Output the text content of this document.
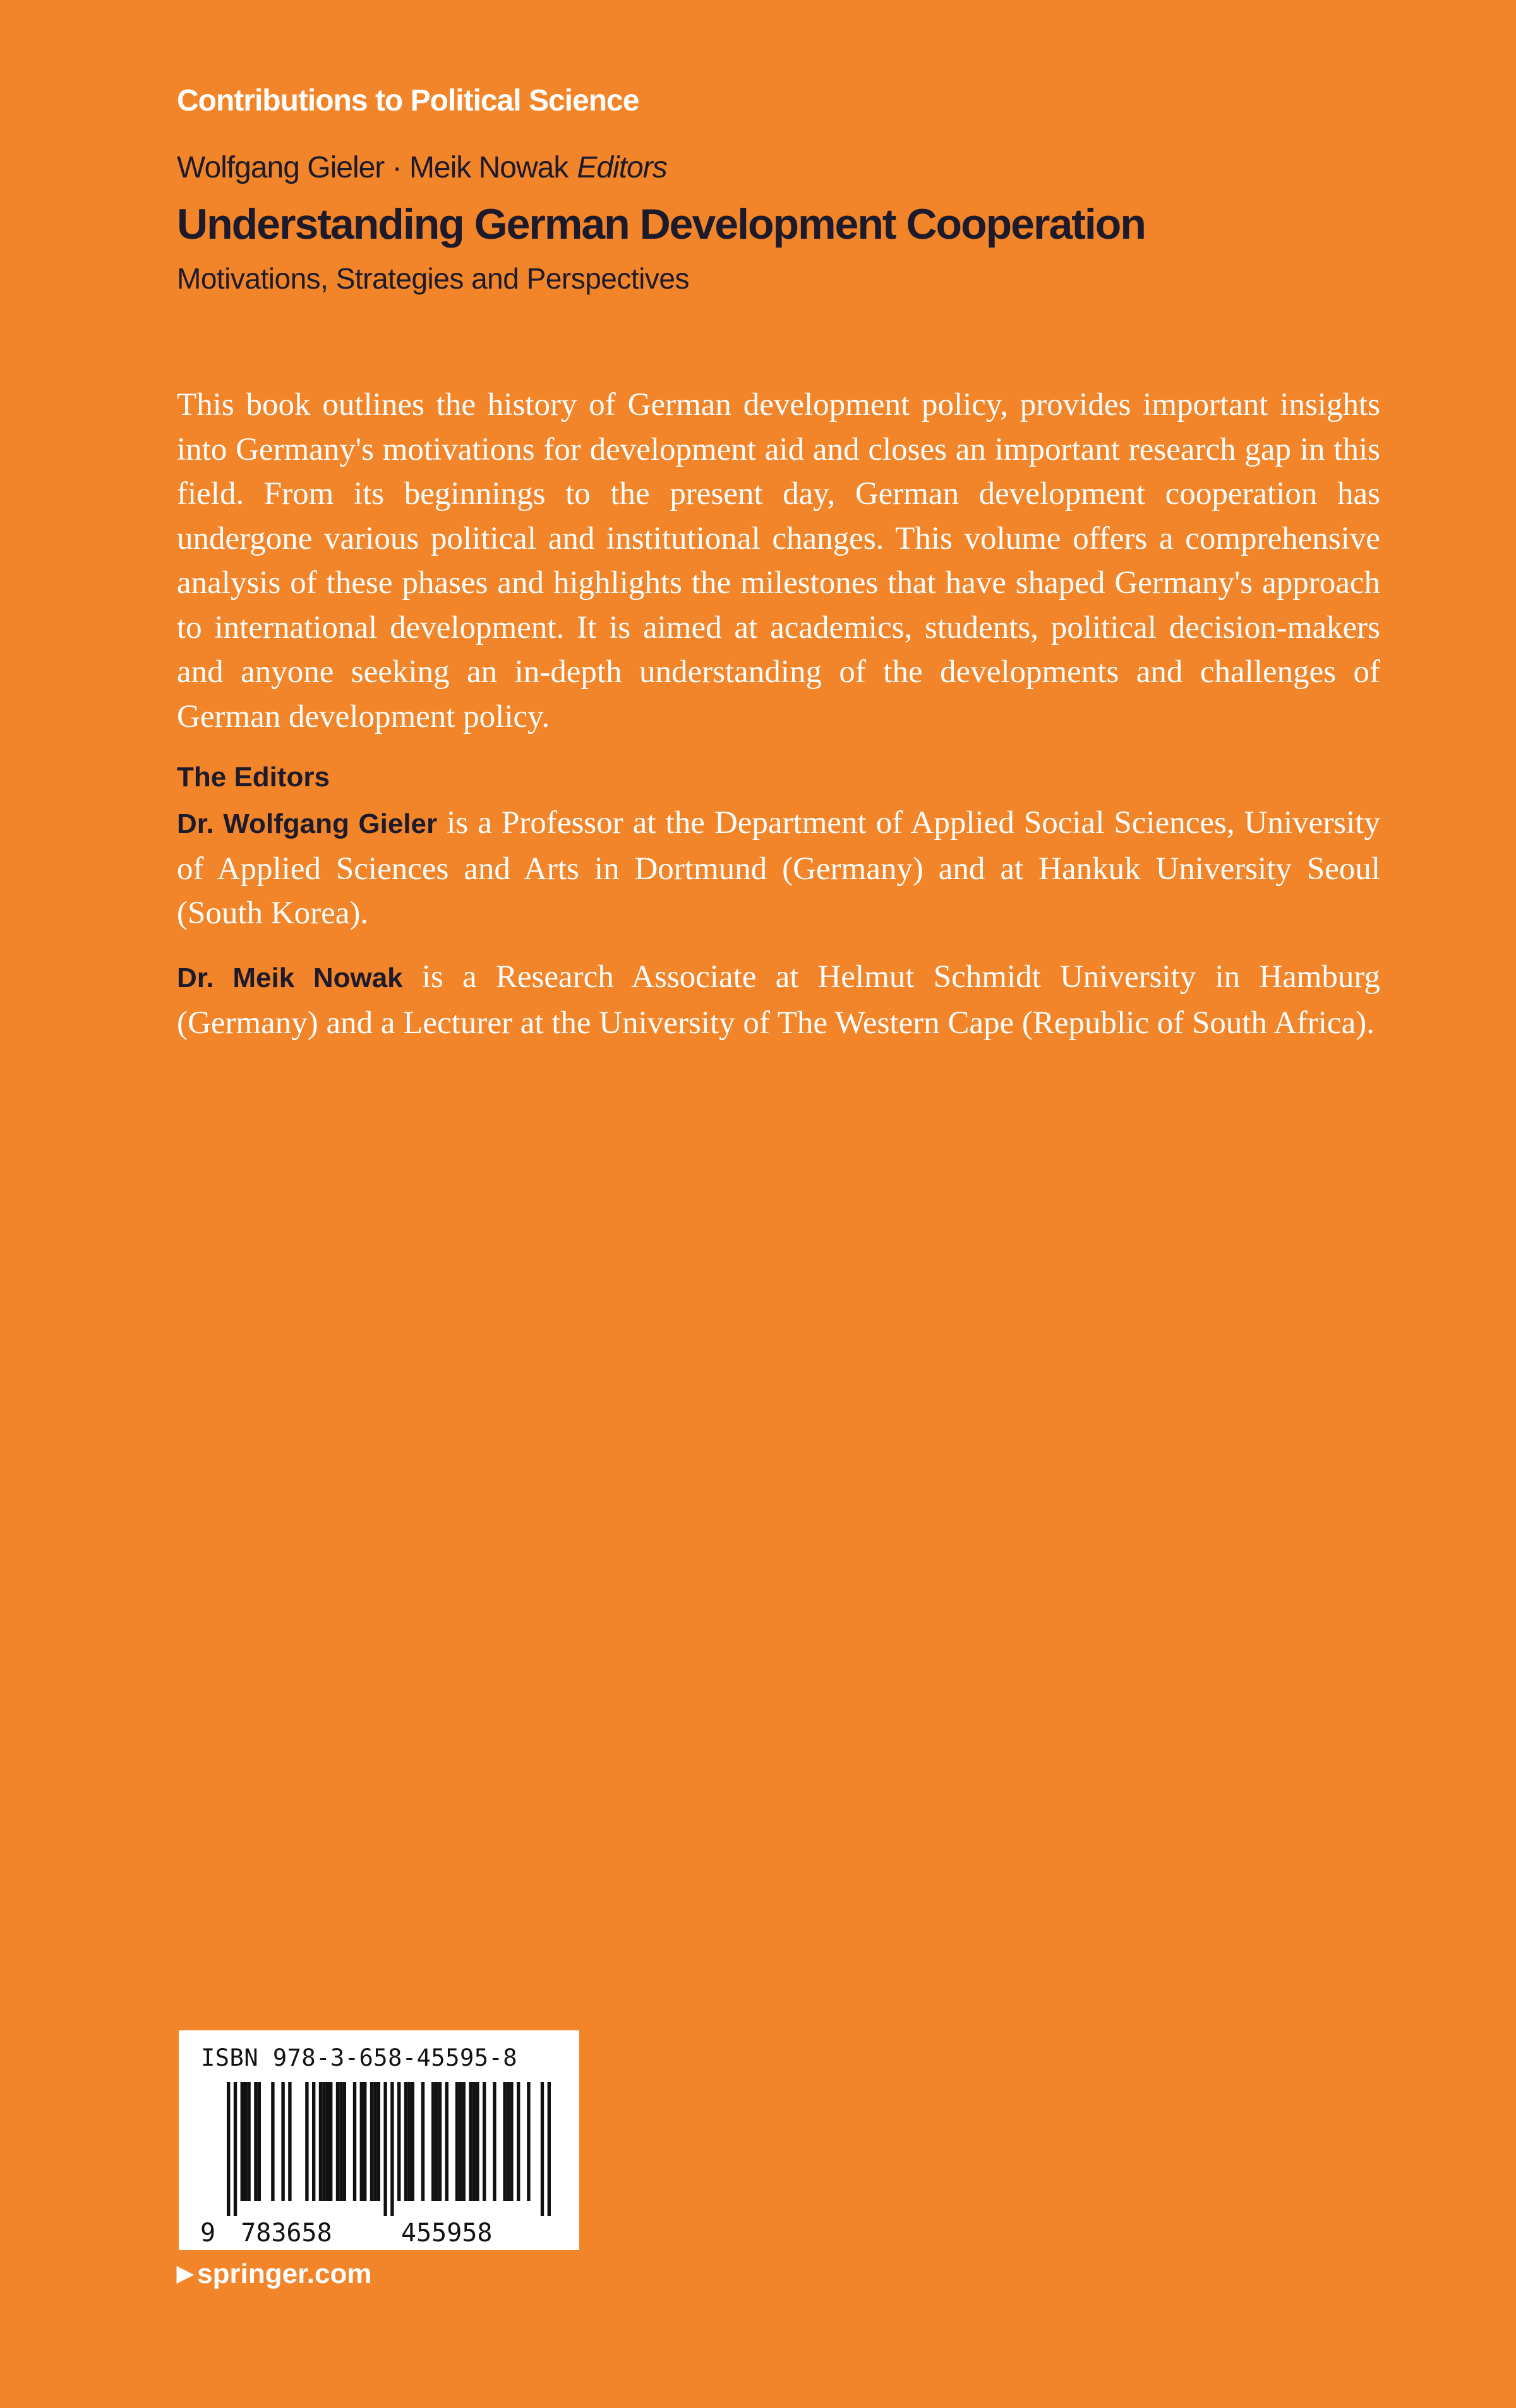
Contributions to Political Science
Wolfgang Gieler · Meik Nowak Editors
Understanding German Development Cooperation
Motivations, Strategies and Perspectives

This book outlines the history of German development policy, provides important insights into Germany's motivations for development aid and closes an important research gap in this field. From its beginnings to the present day, German development cooperation has undergone various political and institutional changes. This volume offers a comprehensive analysis of these phases and highlights the milestones that have shaped Germany's approach to international development. It is aimed at academics, students, political decision-makers and anyone seeking an in-depth understanding of the developments and challenges of German development policy.

The Editors

Dr. Wolfgang Gieler is a Professor at the Department of Applied Social Sciences, University of Applied Sciences and Arts in Dortmund (Germany) and at Hankuk University Seoul (South Korea).

Dr. Meik Nowak is a Research Associate at Helmut Schmidt University in Hamburg (Germany) and a Lecturer at the University of The Western Cape (Republic of South Africa).

ISBN 978-3-658-45595-8
9 783658	455958
▶ springer.com
